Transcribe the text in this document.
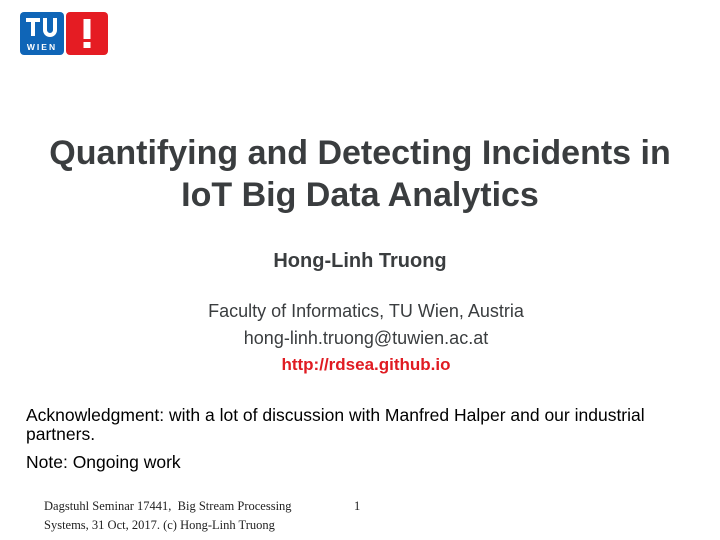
WIEN
Quantifying and Detecting Incidents in
IoT Big Data Analytics
Hong-Linh Truong
Faculty of Informatics, TU Wien, Austria
hong-linh.truong@tuwien.ac.at
http://rdsea.github.io
Acknowledgment: with a lot of discussion with Manfred Halper and our industrial partners.
Note: Ongoing work
Dagstuhl Seminar 17441,  Big Stream Processing
Systems, 31 Oct, 2017. (c) Hong-Linh Truong
1
